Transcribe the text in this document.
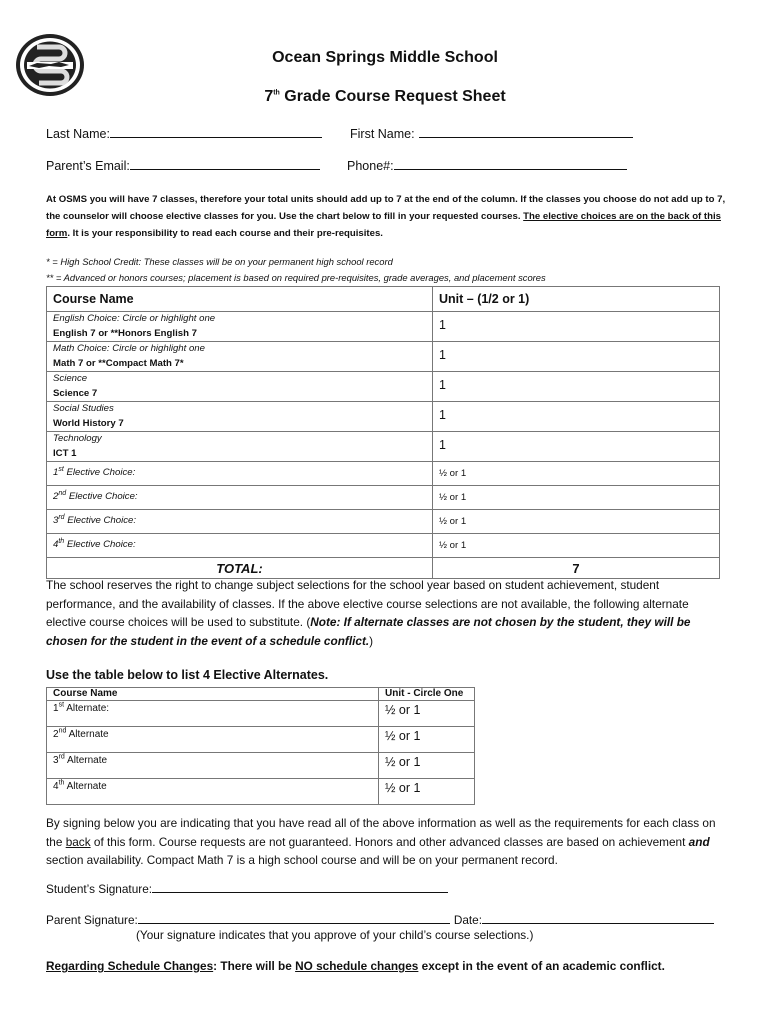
Ocean Springs Middle School
7th Grade Course Request Sheet
Last Name:	First Name:
Parent’s Email:	Phone#:
At OSMS you will have 7 classes, therefore your total units should add up to 7 at the end of the column. If the classes you choose do not add up to 7, the counselor will choose elective classes for you. Use the chart below to fill in your requested courses. The elective choices are on the back of this form. It is your responsibility to read each course and their pre-requisites.
* = High School Credit: These classes will be on your permanent high school record
** = Advanced or honors courses; placement is based on required pre-requisites, grade averages, and placement scores
Course Name	Unit – (1/2 or 1)
English Choice: Circle or highlight one
English 7 or **Honors English 7	1
Math Choice: Circle or highlight one
Math 7 or **Compact Math 7*	1
Science
Science 7	1
Social Studies
World History 7	1
Technology
ICT 1	1
1st Elective Choice:	½ or 1
2nd Elective Choice:	½ or 1
3rd Elective Choice:	½ or 1
4th Elective Choice:	½ or 1
TOTAL:	7
The school reserves the right to change subject selections for the school year based on student achievement, student performance, and the availability of classes. If the above elective course selections are not available, the following alternate elective course choices will be used to substitute. (Note: If alternate classes are not chosen by the student, they will be chosen for the student in the event of a schedule conflict.)
Use the table below to list 4 Elective Alternates.
Course Name	Unit - Circle One
1st Alternate:	½ or 1
2nd Alternate	½ or 1
3rd Alternate	½ or 1
4th Alternate	½ or 1
By signing below you are indicating that you have read all of the above information as well as the requirements for each class on the back of this form. Course requests are not guaranteed. Honors and other advanced classes are based on achievement and section availability. Compact Math 7 is a high school course and will be on your permanent record.
Student’s Signature:
Parent Signature:	Date:
(Your signature indicates that you approve of your child’s course selections.)
Regarding Schedule Changes: There will be NO schedule changes except in the event of an academic conflict.
